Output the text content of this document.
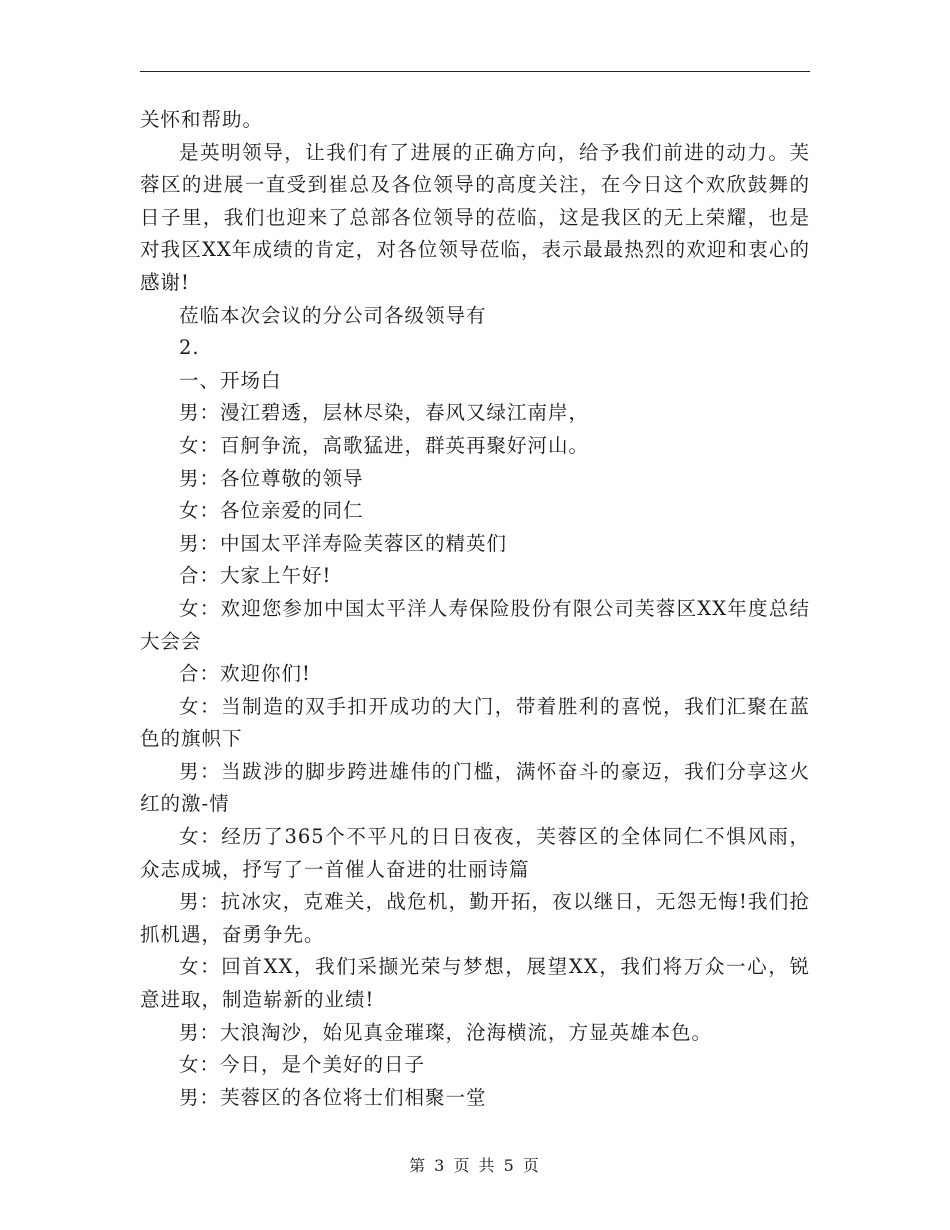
关怀和帮助。

是英明领导，让我们有了进展的正确方向，给予我们前进的动力。芙蓉区的进展一直受到崔总及各位领导的高度关注，在今日这个欢欣鼓舞的日子里，我们也迎来了总部各位领导的莅临，这是我区的无上荣耀，也是对我区XX年成绩的肯定，对各位领导莅临，表示最最热烈的欢迎和衷心的感谢!

莅临本次会议的分公司各级领导有

2.

一、开场白

男：漫江碧透，层林尽染，春风又绿江南岸，

女：百舸争流，高歌猛进，群英再聚好河山。

男：各位尊敬的领导

女：各位亲爱的同仁

男：中国太平洋寿险芙蓉区的精英们

合：大家上午好!

女：欢迎您参加中国太平洋人寿保险股份有限公司芙蓉区XX年度总结大会会

合：欢迎你们!

女：当制造的双手扣开成功的大门，带着胜利的喜悦，我们汇聚在蓝色的旗帜下

男：当跋涉的脚步跨进雄伟的门槛，满怀奋斗的豪迈，我们分享这火红的激-情

女：经历了365个不平凡的日日夜夜，芙蓉区的全体同仁不惧风雨，众志成城，抒写了一首催人奋进的壮丽诗篇

男：抗冰灾，克难关，战危机，勤开拓，夜以继日，无怨无悔!我们抢抓机遇，奋勇争先。

女：回首XX，我们采撷光荣与梦想，展望XX，我们将万众一心，锐意进取，制造崭新的业绩!

男：大浪淘沙，始见真金璀璨，沧海横流，方显英雄本色。

女：今日，是个美好的日子

男：芙蓉区的各位将士们相聚一堂

第 3 页 共 5 页
